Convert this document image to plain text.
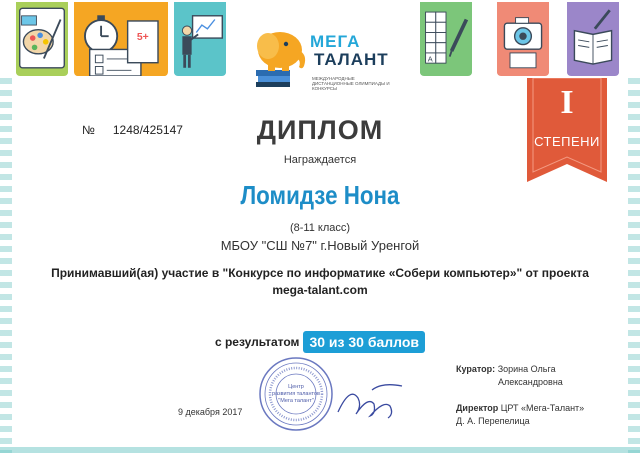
5+
A
МЕГА
ТАЛАНТ
МЕЖДУНАРОДНЫЕ ДИСТАНЦИОННЫЕ ОЛИМПИАДЫ И КОНКУРСЫ	I
СТЕПЕНИ
№ 1248/425147	ДИПЛОМ
Награждается
Ломидзе Нона
(8-11 класс)
МБОУ "СШ №7" г.Новый Уренгой
Принимавший(ая) участие в "Конкурсе по информатике «Собери компьютер»" от проекта
mega-talant.com
с результатом 30 из 30 баллов
Куратор: Зорина Ольга
Александровна
Директор ЦРТ «Мега-Талант»
Д. А. Перепелица
9 декабря 2017
Центр
развития талантов
"Мега талант"
